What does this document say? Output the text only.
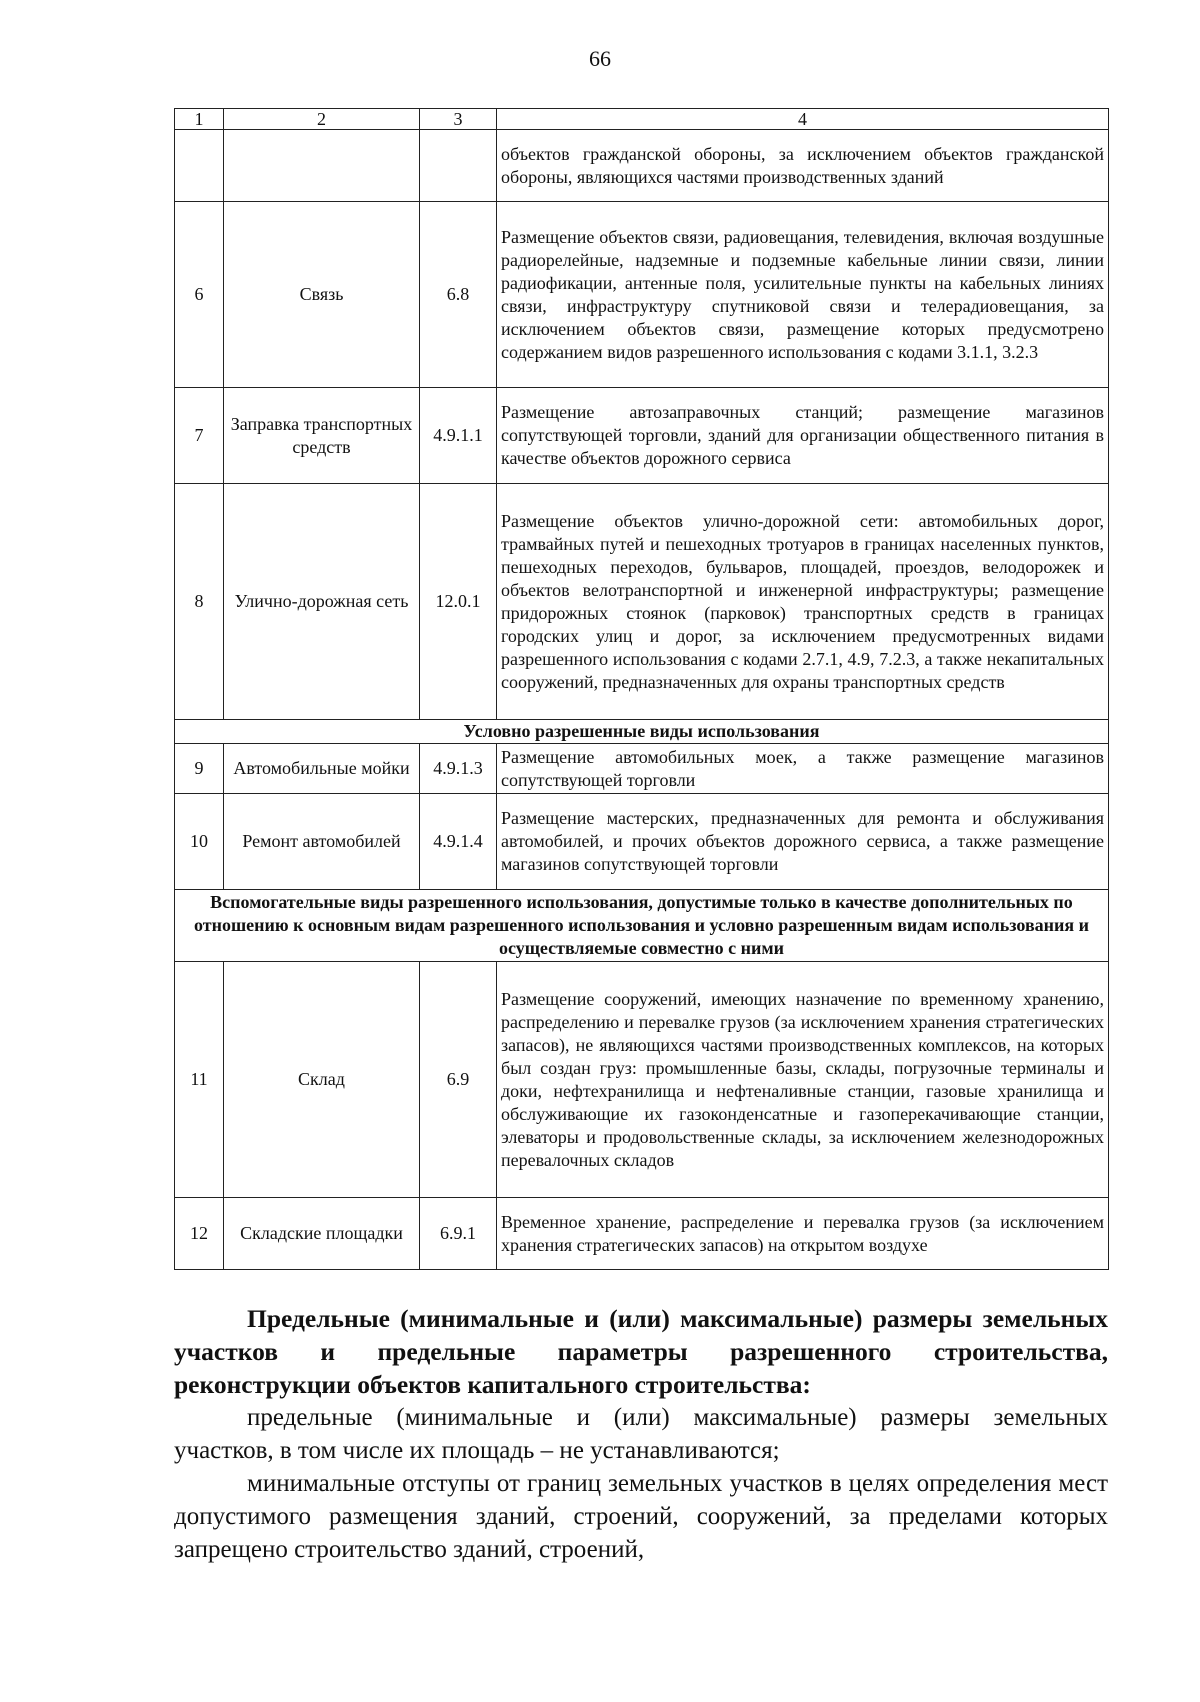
66
1	2	3	4
			объектов гражданской обороны, за исключением объектов гражданской обороны, являющихся частями производственных зданий
6	Связь	6.8	Размещение объектов связи, радиовещания, телевидения, включая воздушные радиорелейные, надземные и подземные кабельные линии связи, линии радиофикации, антенные поля, усилительные пункты на кабельных линиях связи, инфраструктуру спутниковой связи и телерадиовещания, за исключением объектов связи, размещение которых предусмотрено содержанием видов разрешенного использования с кодами 3.1.1, 3.2.3
7	Заправка транспортных средств	4.9.1.1	Размещение автозаправочных станций; размещение магазинов сопутствующей торговли, зданий для организации общественного питания в качестве объектов дорожного сервиса
8	Улично-дорожная сеть	12.0.1	Размещение объектов улично-дорожной сети: автомобильных дорог, трамвайных путей и пешеходных тротуаров в границах населенных пунктов, пешеходных переходов, бульваров, площадей, проездов, велодорожек и объектов велотранспортной и инженерной инфраструктуры; размещение придорожных стоянок (парковок) транспортных средств в границах городских улиц и дорог, за исключением предусмотренных видами разрешенного использования с кодами 2.7.1, 4.9, 7.2.3, а также некапитальных сооружений, предназначенных для охраны транспортных средств
Условно разрешенные виды использования			
9	Автомобильные мойки	4.9.1.3	Размещение автомобильных моек, а также размещение магазинов сопутствующей торговли
10	Ремонт автомобилей	4.9.1.4	Размещение мастерских, предназначенных для ремонта и обслуживания автомобилей, и прочих объектов дорожного сервиса, а также размещение магазинов сопутствующей торговли
Вспомогательные виды разрешенного использования, допустимые только в качестве дополнительных по отношению к основным видам разрешенного использования и условно разрешенным видам использования и осуществляемые совместно с ними			
11	Склад	6.9	Размещение сооружений, имеющих назначение по временному хранению, распределению и перевалке грузов (за исключением хранения стратегических запасов), не являющихся частями производственных комплексов, на которых был создан груз: промышленные базы, склады, погрузочные терминалы и доки, нефтехранилища и нефтеналивные станции, газовые хранилища и обслуживающие их газоконденсатные и газоперекачивающие станции, элеваторы и продовольственные склады, за исключением железнодорожных перевалочных складов
12	Складские площадки	6.9.1	Временное хранение, распределение и перевалка грузов (за исключением хранения стратегических запасов) на открытом воздухе

Предельные (минимальные и (или) максимальные) размеры земельных участков и предельные параметры разрешенного строительства, реконструкции объектов капитального строительства:

предельные (минимальные и (или) максимальные) размеры земельных участков, в том числе их площадь – не устанавливаются;

минимальные отступы от границ земельных участков в целях определения мест допустимого размещения зданий, строений, сооружений, за пределами которых запрещено строительство зданий, строений,
